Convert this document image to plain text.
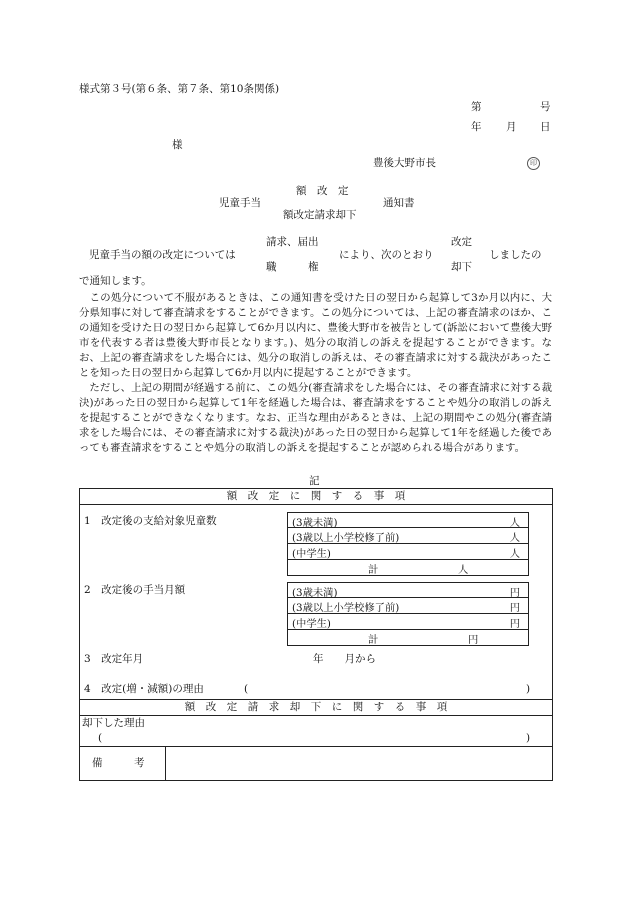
様式第３号(第６条、第７条、第10条関係)
第	号
年 月 日
様
豊後大野市長	印
額　改　定
児童手当	通知書
額改定請求却下
請求、届出
児童手当の額の改定については	により、次のとおり
改定
しましたの
職　　　権	却下
で通知します。
　この処分について不服があるときは、この通知書を受けた日の翌日から起算して3か月以内に、大分県知事に対して審査請求をすることができます。この処分については、上記の審査請求のほか、この通知を受けた日の翌日から起算して6か月以内に、豊後大野市を被告として(訴訟において豊後大野市を代表する者は豊後大野市長となります。)、処分の取消しの訴えを提起することができます。なお、上記の審査請求をした場合には、処分の取消しの訴えは、その審査請求に対する裁決があったことを知った日の翌日から起算して6か月以内に提起することができます。
　ただし、上記の期間が経過する前に、この処分(審査請求をした場合には、その審査請求に対する裁決)があった日の翌日から起算して1年を経過した場合は、審査請求をすることや処分の取消しの訴えを提起することができなくなります。なお、正当な理由があるときは、上記の期間やこの処分(審査請求をした場合には、その審査請求に対する裁決)があった日の翌日から起算して1年を経過した後であっても審査請求をすることや処分の取消しの訴えを提起することが認められる場合があります。
記
額　改　定　に　関　す　る　事　項
1　改定後の支給対象児童数	(3歳未満)	人
(3歳以上小学校修了前)	人
(中学生)	人
計	人
2　改定後の手当月額	(3歳未満)	円
(3歳以上小学校修了前)	円
(中学生)	円
計	円
3　改定年月	年　　月から
4　改定(増・減額)の理由	(	)
額　改　定　請　求　却　下　に　関　す　る　事　項
却下した理由
(	)
備　　　考
